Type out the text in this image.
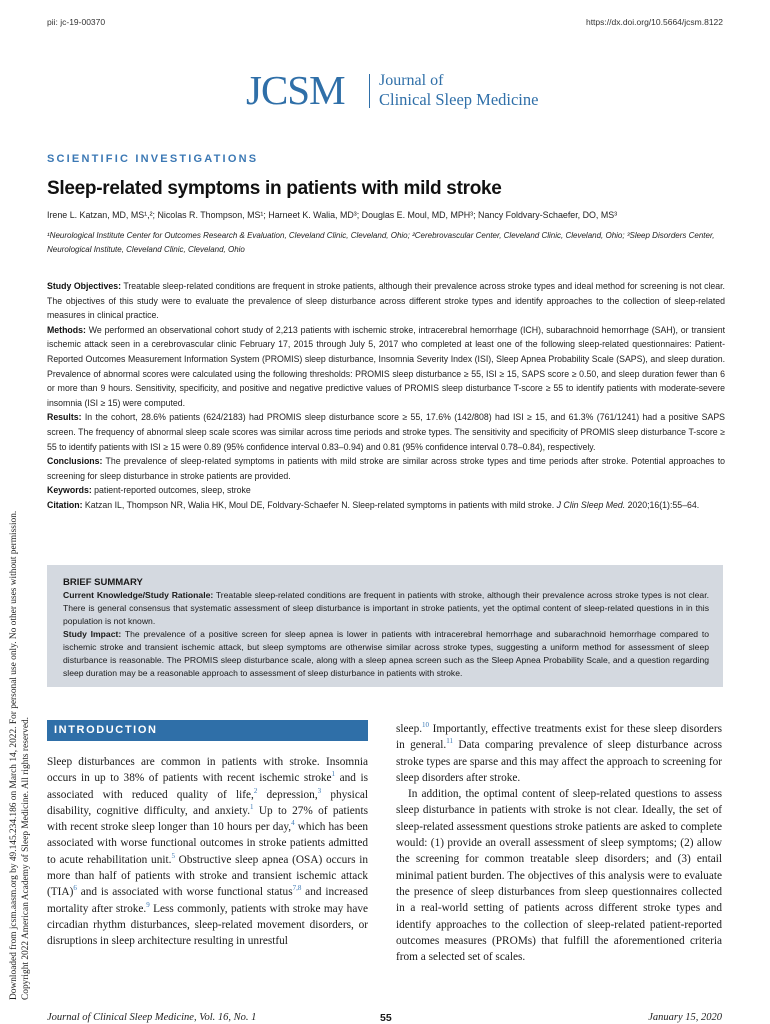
pii: jc-19-00370	https://dx.doi.org/10.5664/jcsm.8122
JCSM Journal of
Clinical Sleep Medicine
SCIENTIFIC INVESTIGATIONS
Sleep-related symptoms in patients with mild stroke
Irene L. Katzan, MD, MS¹,²; Nicolas R. Thompson, MS¹; Harneet K. Walia, MD³; Douglas E. Moul, MD, MPH³; Nancy Foldvary-Schaefer, DO, MS³
¹Neurological Institute Center for Outcomes Research & Evaluation, Cleveland Clinic, Cleveland, Ohio; ²Cerebrovascular Center, Cleveland Clinic, Cleveland, Ohio; ³Sleep Disorders Center, Neurological Institute, Cleveland Clinic, Cleveland, Ohio

Study Objectives: Treatable sleep-related conditions are frequent in stroke patients, although their prevalence across stroke types and ideal method for screening is not clear. The objectives of this study were to evaluate the prevalence of sleep disturbance across different stroke types and identify approaches to the collection of sleep-related measures in clinical practice.

Methods: We performed an observational cohort study of 2,213 patients with ischemic stroke, intracerebral hemorrhage (ICH), subarachnoid hemorrhage (SAH), or transient ischemic attack seen in a cerebrovascular clinic February 17, 2015 through July 5, 2017 who completed at least one of the following sleep-related questionnaires: Patient-Reported Outcomes Measurement Information System (PROMIS) sleep disturbance, Insomnia Severity Index (ISI), Sleep Apnea Probability Scale (SAPS), and sleep duration. Prevalence of abnormal scores were calculated using the following thresholds: PROMIS sleep disturbance ≥ 55, ISI ≥ 15, SAPS score ≥ 0.50, and sleep duration fewer than 6 or more than 9 hours. Sensitivity, specificity, and positive and negative predictive values of PROMIS sleep disturbance T-score ≥ 55 to identify patients with moderate-severe insomnia (ISI ≥ 15) were computed.

Results: In the cohort, 28.6% patients (624/2183) had PROMIS sleep disturbance score ≥ 55, 17.6% (142/808) had ISI ≥ 15, and 61.3% (761/1241) had a positive SAPS screen. The frequency of abnormal sleep scale scores was similar across time periods and stroke types. The sensitivity and specificity of PROMIS sleep disturbance T-score ≥ 55 to identify patients with ISI ≥ 15 were 0.89 (95% confidence interval 0.83–0.94) and 0.81 (95% confidence interval 0.78–0.84), respectively.

Conclusions: The prevalence of sleep-related symptoms in patients with mild stroke are similar across stroke types and time periods after stroke. Potential approaches to screening for sleep disturbance in stroke patients are provided.

Keywords: patient-reported outcomes, sleep, stroke

Citation: Katzan IL, Thompson NR, Walia HK, Moul DE, Foldvary-Schaefer N. Sleep-related symptoms in patients with mild stroke. J Clin Sleep Med. 2020;16(1):55–64.

BRIEF SUMMARY

Current Knowledge/Study Rationale: Treatable sleep-related conditions are frequent in patients with stroke, although their prevalence across stroke types is not clear. There is general consensus that systematic assessment of sleep disturbance is important in stroke patients, yet the optimal content of sleep-related questions in in this population is not known.

Study Impact: The prevalence of a positive screen for sleep apnea is lower in patients with intracerebral hemorrhage and subarachnoid hemorrhage compared to ischemic stroke and transient ischemic attack, but sleep symptoms are otherwise similar across stroke types, suggesting a uniform method for assessment of sleep disturbance is reasonable. The PROMIS sleep disturbance scale, along with a sleep apnea screen such as the Sleep Apnea Probability Scale, and a question regarding sleep duration may be a reasonable approach to assessment of sleep disturbance in patients with stroke.

INTRODUCTION

Sleep disturbances are common in patients with stroke. Insomnia occurs in up to 38% of patients with recent ischemic stroke$^1$ and is associated with reduced quality of life,$^2$ depression,$^3$ physical disability, cognitive difficulty, and anxiety.$^1$ Up to 27% of patients with recent stroke sleep longer than 10 hours per day,$^4$ which has been associated with worse functional outcomes in stroke patients admitted to acute rehabilitation unit.$^5$ Obstructive sleep apnea (OSA) occurs in more than half of patients with stroke and transient ischemic attack (TIA)$^6$ and is associated with worse functional status$^{7,8}$ and increased mortality after stroke.$^9$ Less commonly, patients with stroke may have circadian rhythm disturbances, sleep-related movement disorders, or disruptions in sleep architecture resulting in unrestful

sleep.$^{10}$ Importantly, effective treatments exist for these sleep disorders in general.$^{11}$ Data comparing prevalence of sleep disturbance across stroke types are sparse and this may affect the approach to screening for sleep disorders after stroke.

In addition, the optimal content of sleep-related questions to assess sleep disturbance in patients with stroke is not clear. Ideally, the set of sleep-related assessment questions stroke patients are asked to complete would: (1) provide an overall assessment of sleep symptoms; (2) allow the screening for common treatable sleep disorders; and (3) entail minimal patient burden. The objectives of this analysis were to evaluate the presence of sleep disturbances from sleep questionnaires collected in a real-world setting of patients across different stroke types and identify approaches to the collection of sleep-related patient-reported outcomes measures (PROMs) that fulfill the aforementioned criteria from a selected set of scales.

Downloaded from jcsm.aasm.org by 49.145.234.186 on March 14, 2022. For personal use only. No other uses without permission. Copyright 2022 American Academy of Sleep Medicine. All rights reserved.
Journal of Clinical Sleep Medicine, Vol. 16, No. 1	55	January 15, 2020
